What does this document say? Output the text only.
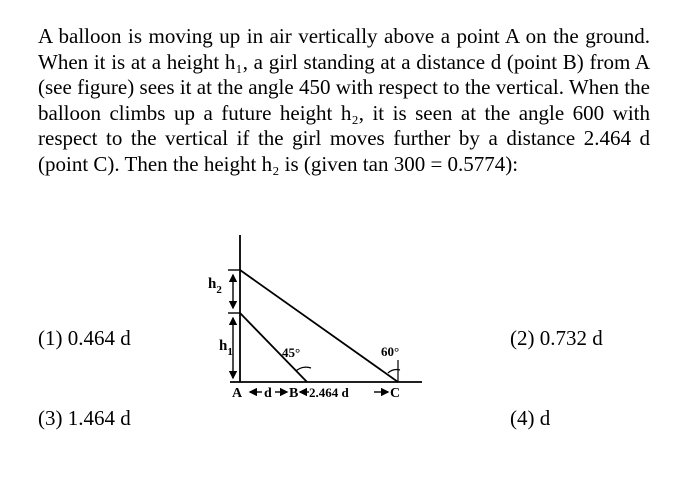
A balloon is moving up in air vertically above a point A on the ground. When it is at a height h₁, a girl standing at a distance d (point B) from A (see figure) sees it at the angle 450 with respect to the vertical. When the balloon climbs up a future height h₂, it is seen at the angle 600 with respect to the vertical if the girl moves further by a distance 2.464 d (point C). Then the height h₂ is (given tan 300 = 0.5774):

(1) 0.464 d	(2) 0.732 d
(3) 1.464 d	(4) d
$h_2$
$h_1$	45°	60°
A d B 2.464 d	C
